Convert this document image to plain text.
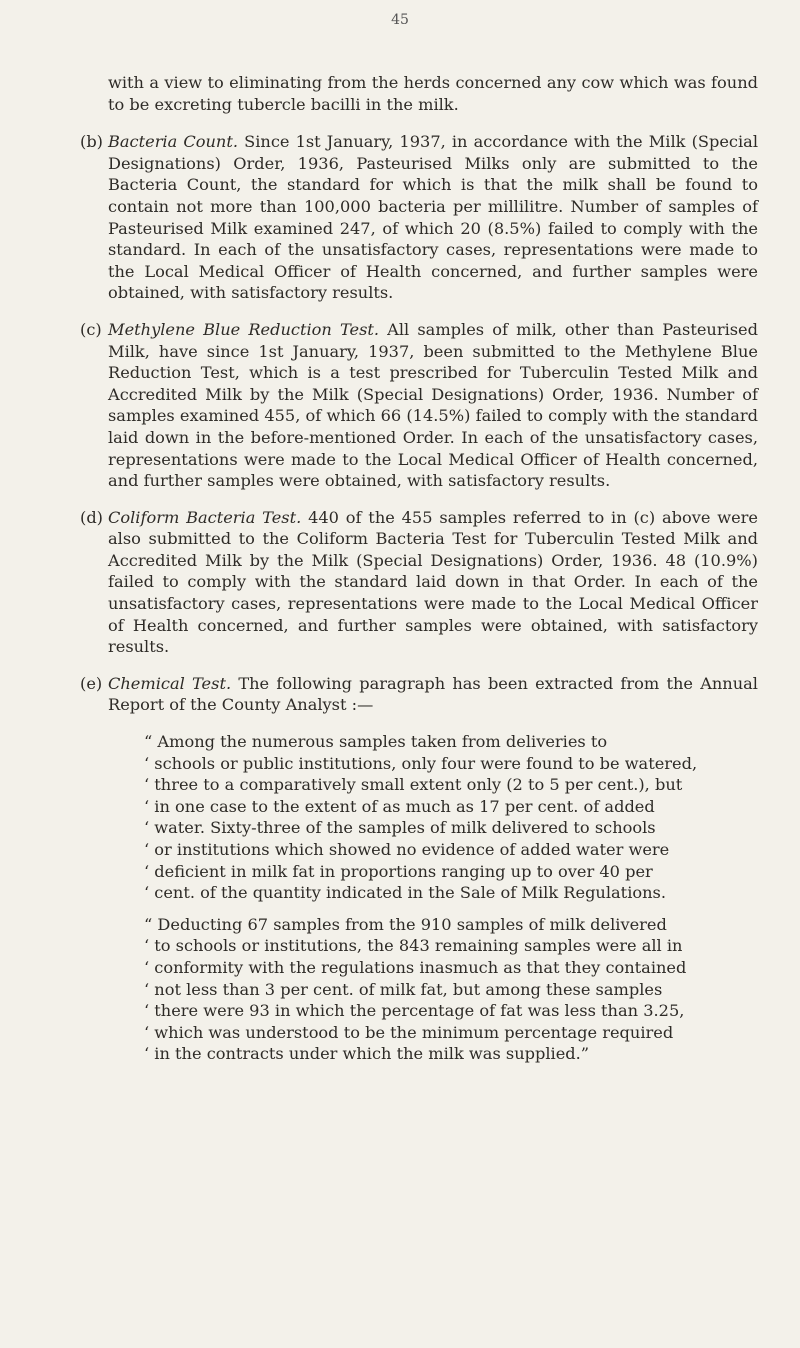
45

with a view to eliminating from the herds concerned any cow which was found to be excreting tubercle bacilli in the milk.

(b) Bacteria Count. Since 1st January, 1937, in accordance with the Milk (Special Designations) Order, 1936, Pasteurised Milks only are submitted to the Bacteria Count, the standard for which is that the milk shall be found to contain not more than 100,000 bacteria per millilitre. Number of samples of Pasteurised Milk examined 247, of which 20 (8.5%) failed to comply with the standard. In each of the unsatisfactory cases, representations were made to the Local Medical Officer of Health concerned, and further samples were obtained, with satisfactory results.
(c) Methylene Blue Reduction Test. All samples of milk, other than Pasteurised Milk, have since 1st January, 1937, been submitted to the Methylene Blue Reduction Test, which is a test prescribed for Tuberculin Tested Milk and Accredited Milk by the Milk (Special Designations) Order, 1936. Number of samples examined 455, of which 66 (14.5%) failed to comply with the standard laid down in the before-mentioned Order. In each of the unsatisfactory cases, representations were made to the Local Medical Officer of Health concerned, and further samples were obtained, with satisfactory results.
(d) Coliform Bacteria Test. 440 of the 455 samples referred to in (c) above were also submitted to the Coliform Bacteria Test for Tuberculin Tested Milk and Accredited Milk by the Milk (Special Designations) Order, 1936. 48 (10.9%) failed to comply with the standard laid down in that Order. In each of the unsatisfactory cases, representations were made to the Local Medical Officer of Health concerned, and further samples were obtained, with satisfactory results.
(e) Chemical Test. The following paragraph has been extracted from the Annual Report of the County Analyst :—
“ Among the numerous samples taken from deliveries to
‘ schools or public institutions, only four were found to be watered,
‘ three to a comparatively small extent only (2 to 5 per cent.), but
‘ in one case to the extent of as much as 17 per cent. of added
‘ water. Sixty-three of the samples of milk delivered to schools
‘ or institutions which showed no evidence of added water were
‘ deficient in milk fat in proportions ranging up to over 40 per
‘ cent. of the quantity indicated in the Sale of Milk Regulations.
“ Deducting 67 samples from the 910 samples of milk delivered
‘ to schools or institutions, the 843 remaining samples were all in
‘ conformity with the regulations inasmuch as that they contained
‘ not less than 3 per cent. of milk fat, but among these samples
‘ there were 93 in which the percentage of fat was less than 3.25,
‘ which was understood to be the minimum percentage required
‘ in the contracts under which the milk was supplied.”
